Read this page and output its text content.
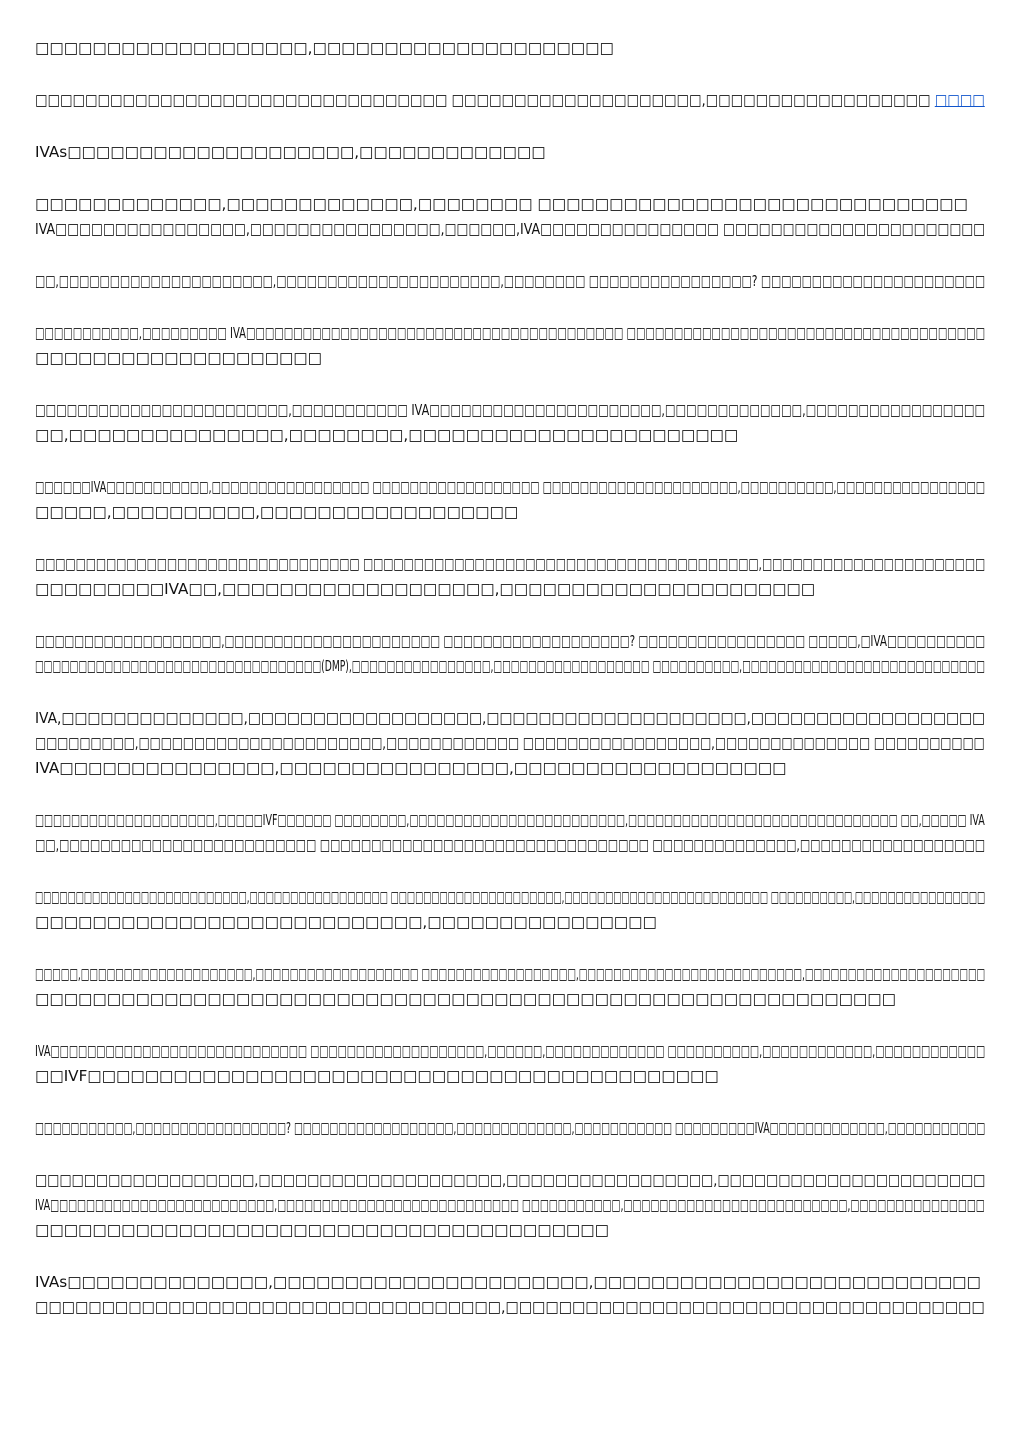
□□□□□□□□□□□□□□□□□□□,□□□□□□□□□□□□□□□□□□□□□

□□□□□□□□□□□□□□□□□□□□□□□□□□□□□□□□□ □□□□□□□□□□□□□□□□□□□□,□□□□□□□□□□□□□□□□□□ □□□□

IVAs□□□□□□□□□□□□□□□□□□□□,□□□□□□□□□□□□□

□□□□□□□□□□□□□,□□□□□□□□□□□□□,□□□□□□□□ □□□□□□□□□□□□□□□□□□□□□□□□□□□□□□
IVA□□□□□□□□□□□□□□□□,□□□□□□□□□□□□□□□□,□□□□□□,IVA□□□□□□□□□□□□□□□ □□□□□□□□□□□□□□□□□□□□□□

□□,□□□□□□□□□□□□□□□□□□□□□,□□□□□□□□□□□□□□□□□□□□□□,□□□□□□□□ □□□□□□□□□□□□□□□□? □□□□□□□□□□□□□□□□□□□□□□

□□□□□□□□□□□,□□□□□□□□□ IVA□□□□□□□□□□□□□□□□□□□□□□□□□□□□□□□□□□□□□□□□ □□□□□□□□□□□□□□□□□□□□□□□□□□□□□□□□□□□□□□
□□□□□□□□□□□□□□□□□□□□

□□□□□□□□□□□□□□□□□□□□□□□□,□□□□□□□□□□□ IVA□□□□□□□□□□□□□□□□□□□□□□,□□□□□□□□□□□□□,□□□□□□□□□□□□□□□□□
□□,□□□□□□□□□□□□□□□,□□□□□□□□,□□□□□□□□□□□□□□□□□□□□□□□

□□□□□□IVA□□□□□□□□□□□,□□□□□□□□□□□□□□□□□ □□□□□□□□□□□□□□□□□□ □□□□□□□□□□□□□□□□□□□□□,□□□□□□□□□□,□□□□□□□□□□□□□□□□
□□□□□,□□□□□□□□□□,□□□□□□□□□□□□□□□□□□

□□□□□□□□□□□□□□□□□□□□□□□□□□□□□□□□ □□□□□□□□□□□□□□□□□□□□□□□□□□□□□□□□□□□□□□□,□□□□□□□□□□□□□□□□□□□□□□
□□□□□□□□□IVA□□,□□□□□□□□□□□□□□□□□□□,□□□□□□□□□□□□□□□□□□□□□□

□□□□□□□□□□□□□□□□□□□,□□□□□□□□□□□□□□□□□□□□□□ □□□□□□□□□□□□□□□□□□□? □□□□□□□□□□□□□□□□□ □□□□□,□IVA□□□□□□□□□□
□□□□□□□□□□□□□□□□□□□□□□□□□□□□□□□□□(DMP),□□□□□□□□□□□□□□□□,□□□□□□□□□□□□□□□□□□ □□□□□□□□□□,□□□□□□□□□□□□□□□□□□□□□□□□□□□□

IVA,□□□□□□□□□□□□□□,□□□□□□□□□□□□□□□□□□,□□□□□□□□□□□□□□□□□□□□,□□□□□□□□□□□□□□□□□□
□□□□□□□□□,□□□□□□□□□□□□□□□□□□□□□□,□□□□□□□□□□□□ □□□□□□□□□□□□□□□□□,□□□□□□□□□□□□□□ □□□□□□□□□□
IVA□□□□□□□□□□□□□□□,□□□□□□□□□□□□□□□□,□□□□□□□□□□□□□□□□□□□

□□□□□□□□□□□□□□□□□□□□,□□□□□IVF□□□□□□ □□□□□□□□,□□□□□□□□□□□□□□□□□□□□□□□□,□□□□□□□□□□□□□□□□□□□□□□□□□□□□□□ □□,□□□□□ IVA
□□,□□□□□□□□□□□□□□□□□□□□□□□□□ □□□□□□□□□□□□□□□□□□□□□□□□□□□□□□□□ □□□□□□□□□□□□□□,□□□□□□□□□□□□□□□□□□

□□□□□□□□□□□□□□□□□□□□□□□□□□,□□□□□□□□□□□□□□□□□ □□□□□□□□□□□□□□□□□□□□□,□□□□□□□□□□□□□□□□□□□□□□□□□ □□□□□□□□□□,□□□□□□□□□□□□□□□□
□□□□□□□□□□□□□□□□□□□□□□□□□□□,□□□□□□□□□□□□□□□□

□□□□□,□□□□□□□□□□□□□□□□□□□□,□□□□□□□□□□□□□□□□□□□ □□□□□□□□□□□□□□□□□□,□□□□□□□□□□□□□□□□□□□□□□□□□□,□□□□□□□□□□□□□□□□□□□□□
□□□□□□□□□□□□□□□□□□□□□□□□□□□□□□□□□□□□□□□□□□□□□□□□□□□□□□□□□□□□

IVA□□□□□□□□□□□□□□□□□□□□□□□□□□□□ □□□□□□□□□□□□□□□□□□□,□□□□□□,□□□□□□□□□□□□□ □□□□□□□□□□,□□□□□□□□□□□□,□□□□□□□□□□□□
□□IVF□□□□□□□□□□□□□□□□□□□□□□□□□□□□□□□□□□□□□□□□□□□□

□□□□□□□□□□□,□□□□□□□□□□□□□□□□□? □□□□□□□□□□□□□□□□□□,□□□□□□□□□□□□□,□□□□□□□□□□□ □□□□□□□□□IVA□□□□□□□□□□□□□,□□□□□□□□□□□

□□□□□□□□□□□□□□□□□□,□□□□□□□□□□□□□□□□□□□□,□□□□□□□□□□□□□□□□□,□□□□□□□□□□□□□□□□□□□□□□
IVA□□□□□□□□□□□□□□□□□□□□□□□□□,□□□□□□□□□□□□□□□□□□□□□□□□□□□ □□□□□□□□□□□,□□□□□□□□□□□□□□□□□□□□□□□□□,□□□□□□□□□□□□□□□
□□□□□□□□□□□□□□□□□□□□□□□□□□□□□□□□□□□□□□□□

IVAs□□□□□□□□□□□□□□,□□□□□□□□□□□□□□□□□□□□□□,□□□□□□□□□□□□□□□□□□□□□□□□□□□
□□□□□□□□□□□□□□□□□□□□□□□□□□□□□□□□□□□,□□□□□□□□□□□□□□□□□□□□□□□□□□□□□□□□□□□□
